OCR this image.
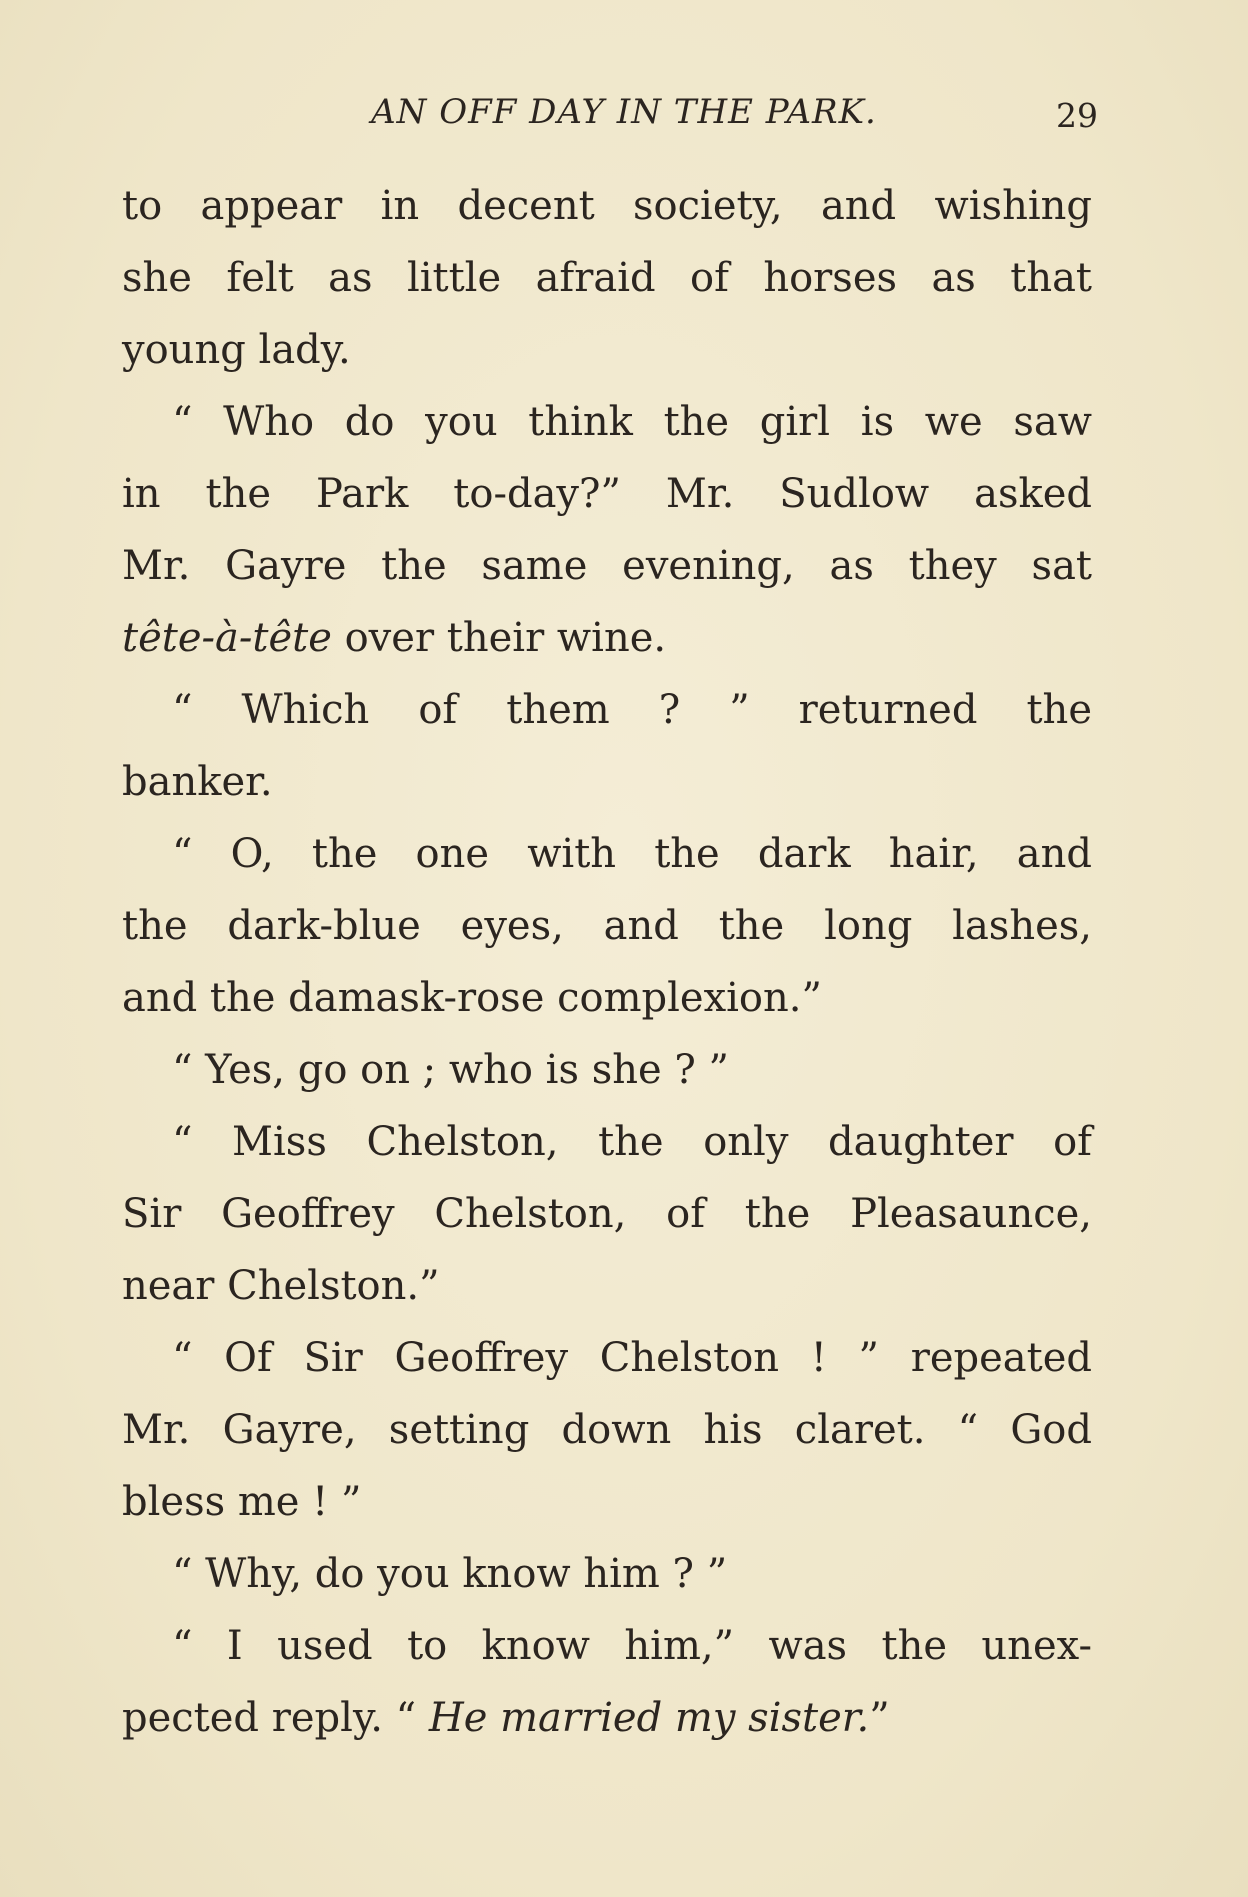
AN OFF DAY IN THE PARK.	29
to appear in decent society, and wishing
she felt as little afraid of horses as that
young lady.
“ Who do you think the girl is we saw
in the Park to-day?” Mr. Sudlow asked
Mr. Gayre the same evening, as they sat
tête-à-tête over their wine.
“ Which of them ? ” returned the
banker.
“ O, the one with the dark hair, and
the dark-blue eyes, and the long lashes,
and the damask-rose complexion.”
“ Yes, go on ; who is she ? ”
“ Miss Chelston, the only daughter of
Sir Geoffrey Chelston, of the Pleasaunce,
near Chelston.”
“ Of Sir Geoffrey Chelston ! ” repeated
Mr. Gayre, setting down his claret. “ God
bless me ! ”
“ Why, do you know him ? ”
“ I used to know him,” was the unex-
pected reply. “ He married my sister.”
